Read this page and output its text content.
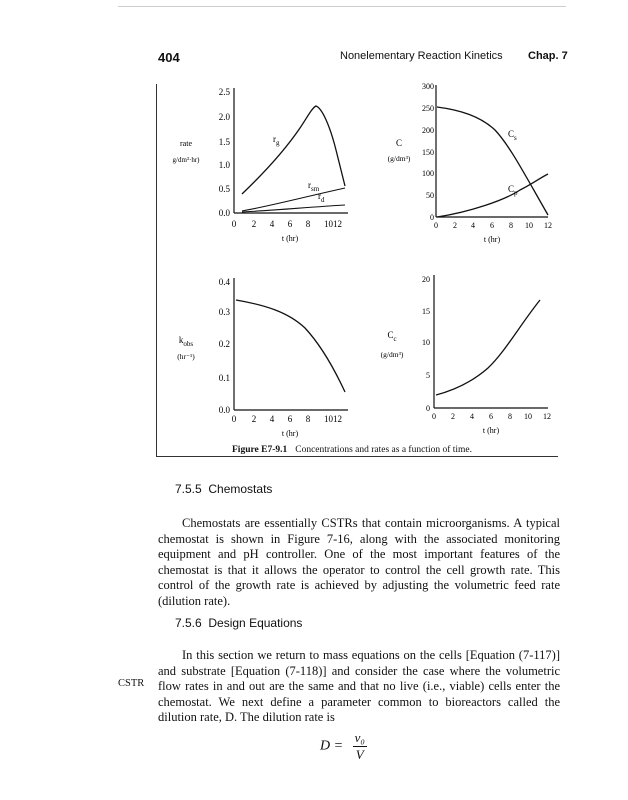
404	Nonelementary Reaction Kinetics Chap. 7
2.5
2.0
1.5
1.0
0.5
0.0
0 2 4 6 8 1012
t (hr)
rate
g/dm³·hr)
$r_g$
$r_{sm}$
$r_d$
300
250
200
150
100
50
0
0 2 4 6 8 10 12
t (hr)
C
(g/dm³)
$C_s$
$C_p$
0.4
0.3
0.2
0.1
0.0
0 2 4 6 8 1012
t (hr)
$k_{obs}$
(hr⁻¹)
20
15
10
5
0
0 2 4 6 8 10 12
t (hr)
$C_c$
(g/dm³)
Figure E7-9.1 Concentrations and rates as a function of time.
7.5.5 Chemostats

Chemostats are essentially CSTRs that contain microorganisms. A typical chemostat is shown in Figure 7-16, along with the associated monitoring equipment and pH controller. One of the most important features of the chemostat is that it allows the operator to control the cell growth rate. This control of the growth rate is achieved by adjusting the volumetric feed rate (dilution rate).

7.5.6 Design Equations

In this section we return to mass equations on the cells [Equation (7-117)] and substrate [Equation (7-118)] and consider the case where the volumetric flow rates in and out are the same and that no live (i.e., viable) cells enter the chemostat. We next define a parameter common to bioreactors called the dilution rate, D. The dilution rate is

CSTR
$D = \frac{\text{v₀}}{V}$
